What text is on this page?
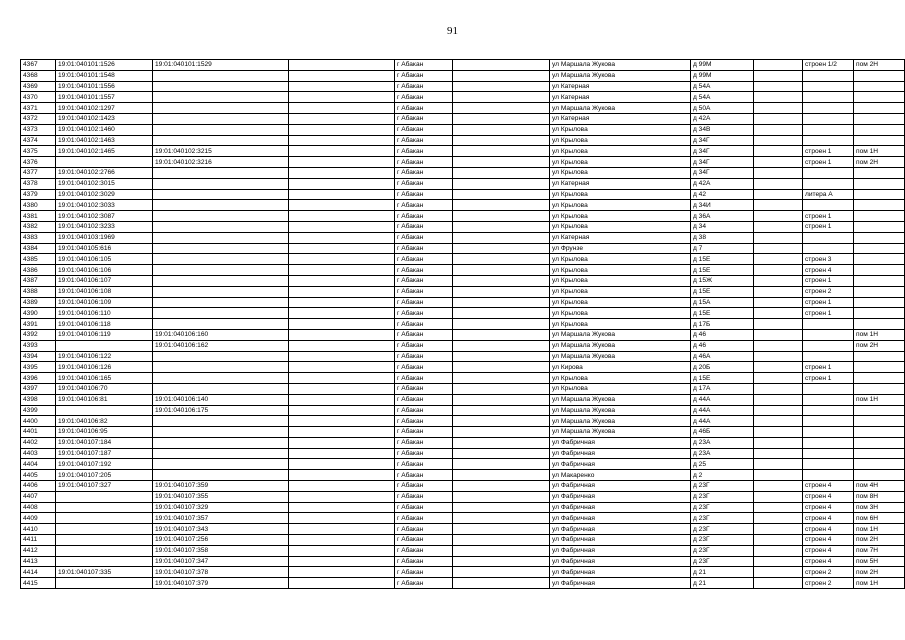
91
4367	19:01:040101:1526	19:01:040101:1529		г Абакан		ул Маршала Жукова	д 99М		строен 1/2	пом 2Н
4368	19:01:040101:1548			г Абакан		ул Маршала Жукова	д 99М			
4369	19:01:040101:1556			г Абакан		ул Катерная	д 54А			
4370	19:01:040101:1557			г Абакан		ул Катерная	д 54А			
4371	19:01:040102:1297			г Абакан		ул Маршала Жукова	д 50А			
4372	19:01:040102:1423			г Абакан		ул Катерная	д 42А			
4373	19:01:040102:1460			г Абакан		ул Крылова	д 34В			
4374	19:01:040102:1463			г Абакан		ул Крылова	д 34Г			
4375	19:01:040102:1465	19:01:040102:3215		г Абакан		ул Крылова	д 34Г		строен 1	пом 1Н
4376		19:01:040102:3216		г Абакан		ул Крылова	д 34Г		строен 1	пом 2Н
4377	19:01:040102:2766			г Абакан		ул Крылова	д 34Г			
4378	19:01:040102:3015			г Абакан		ул Катерная	д 42А			
4379	19:01:040102:3029			г Абакан		ул Крылова	д 42		литера А	
4380	19:01:040102:3033			г Абакан		ул Крылова	д 34И			
4381	19:01:040102:3087			г Абакан		ул Крылова	д 36А		строен 1	
4382	19:01:040102:3233			г Абакан		ул Крылова	д 34		строен 1	
4383	19:01:040103:1969			г Абакан		ул Катерная	д 38			
4384	19:01:040105:616			г Абакан		ул Фрунзе	д 7			
4385	19:01:040106:105			г Абакан		ул Крылова	д 15Е		строен 3	
4386	19:01:040106:106			г Абакан		ул Крылова	д 15Е		строен 4	
4387	19:01:040106:107			г Абакан		ул Крылова	д 15Ж		строен 1	
4388	19:01:040106:108			г Абакан		ул Крылова	д 15Е		строен 2	
4389	19:01:040106:109			г Абакан		ул Крылова	д 15А		строен 1	
4390	19:01:040106:110			г Абакан		ул Крылова	д 15Е		строен 1	
4391	19:01:040106:118			г Абакан		ул Крылова	д 17Б			
4392	19:01:040106:119	19:01:040106:160		г Абакан		ул Маршала Жукова	д 46			пом 1Н
4393		19:01:040106:162		г Абакан		ул Маршала Жукова	д 46			пом 2Н
4394	19:01:040106:122			г Абакан		ул Маршала Жукова	д 46А			
4395	19:01:040106:126			г Абакан		ул Кирова	д 20Б		строен 1	
4396	19:01:040106:165			г Абакан		ул Крылова	д 15Е		строен 1	
4397	19:01:040106:70			г Абакан		ул Крылова	д 17А			
4398	19:01:040106:81	19:01:040106:140		г Абакан		ул Маршала Жукова	д 44А			пом 1Н
4399		19:01:040106:175		г Абакан		ул Маршала Жукова	д 44А			
4400	19:01:040106:82			г Абакан		ул Маршала Жукова	д 44А			
4401	19:01:040106:95			г Абакан		ул Маршала Жукова	д 46Б			
4402	19:01:040107:184			г Абакан		ул Фабричная	д 23А			
4403	19:01:040107:187			г Абакан		ул Фабричная	д 23А			
4404	19:01:040107:192			г Абакан		ул Фабричная	д 25			
4405	19:01:040107:205			г Абакан		ул Макаренко	д 2			
4406	19:01:040107:327	19:01:040107:359		г Абакан		ул Фабричная	д 23Г		строен 4	пом 4Н
4407		19:01:040107:355		г Абакан		ул Фабричная	д 23Г		строен 4	пом 8Н
4408		19:01:040107:329		г Абакан		ул Фабричная	д 23Г		строен 4	пом 3Н
4409		19:01:040107:357		г Абакан		ул Фабричная	д 23Г		строен 4	пом 6Н
4410		19:01:040107:343		г Абакан		ул Фабричная	д 23Г		строен 4	пом 1Н
4411		19:01:040107:256		г Абакан		ул Фабричная	д 23Г		строен 4	пом 2Н
4412		19:01:040107:358		г Абакан		ул Фабричная	д 23Г		строен 4	пом 7Н
4413		19:01:040107:347		г Абакан		ул Фабричная	д 23Г		строен 4	пом 5Н
4414	19:01:040107:335	19:01:040107:378		г Абакан		ул Фабричная	д 21		строен 2	пом 2Н
4415		19:01:040107:379		г Абакан		ул Фабричная	д 21		строен 2	пом 1Н
